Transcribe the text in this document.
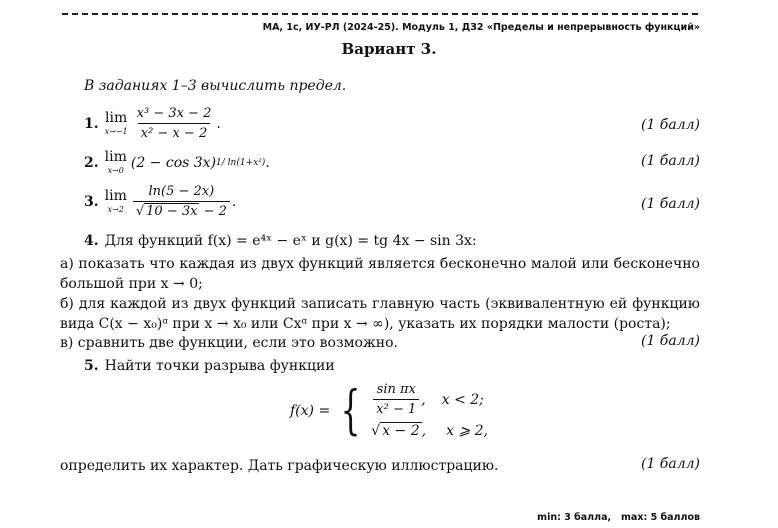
МА, 1с, ИУ-РЛ (2024-25). Модуль 1, ДЗ2 «Пределы и непрерывность функций»
Вариант 3.
В заданиях 1–3 вычислить предел.
1. lim
$x\to-1 \frac{\text{x³ − 3x − 2}}{\text{x² − x − 2}}$ .	(1 балл)
2. lim
x→0 (2 − cos 3x) 1/ ln(1+x²) .	(1 балл)
3. lim
$x\to 2 \frac{\ln(5 - 2x)}{√ 10 - 3x - 2}$ .	(1 балл)
4. Для функций f(x) = e⁴ˣ − eˣ и g(x) = tg 4x − sin 3x:
а) показать что каждая из двух функций является бесконечно малой или бесконечно большой при x → 0;
б) для каждой из двух функций записать главную часть (эквивалентную ей функцию вида C(x − x₀)ᵅ при x → x₀ или Cxᵅ при x → ∞), указать их порядки малости (роста);
в) сравнить две функции, если это возможно.	(1 балл)
5. Найти точки разрыва функции
f(x) = { $\frac{\text{sin πx}}{\text{x² − 1}}$ , x < 2;
√ x − 2 , x ⩾ 2,
определить их характер. Дать графическую иллюстрацию.	(1 балл)
min: 3 балла, max: 5 баллов
